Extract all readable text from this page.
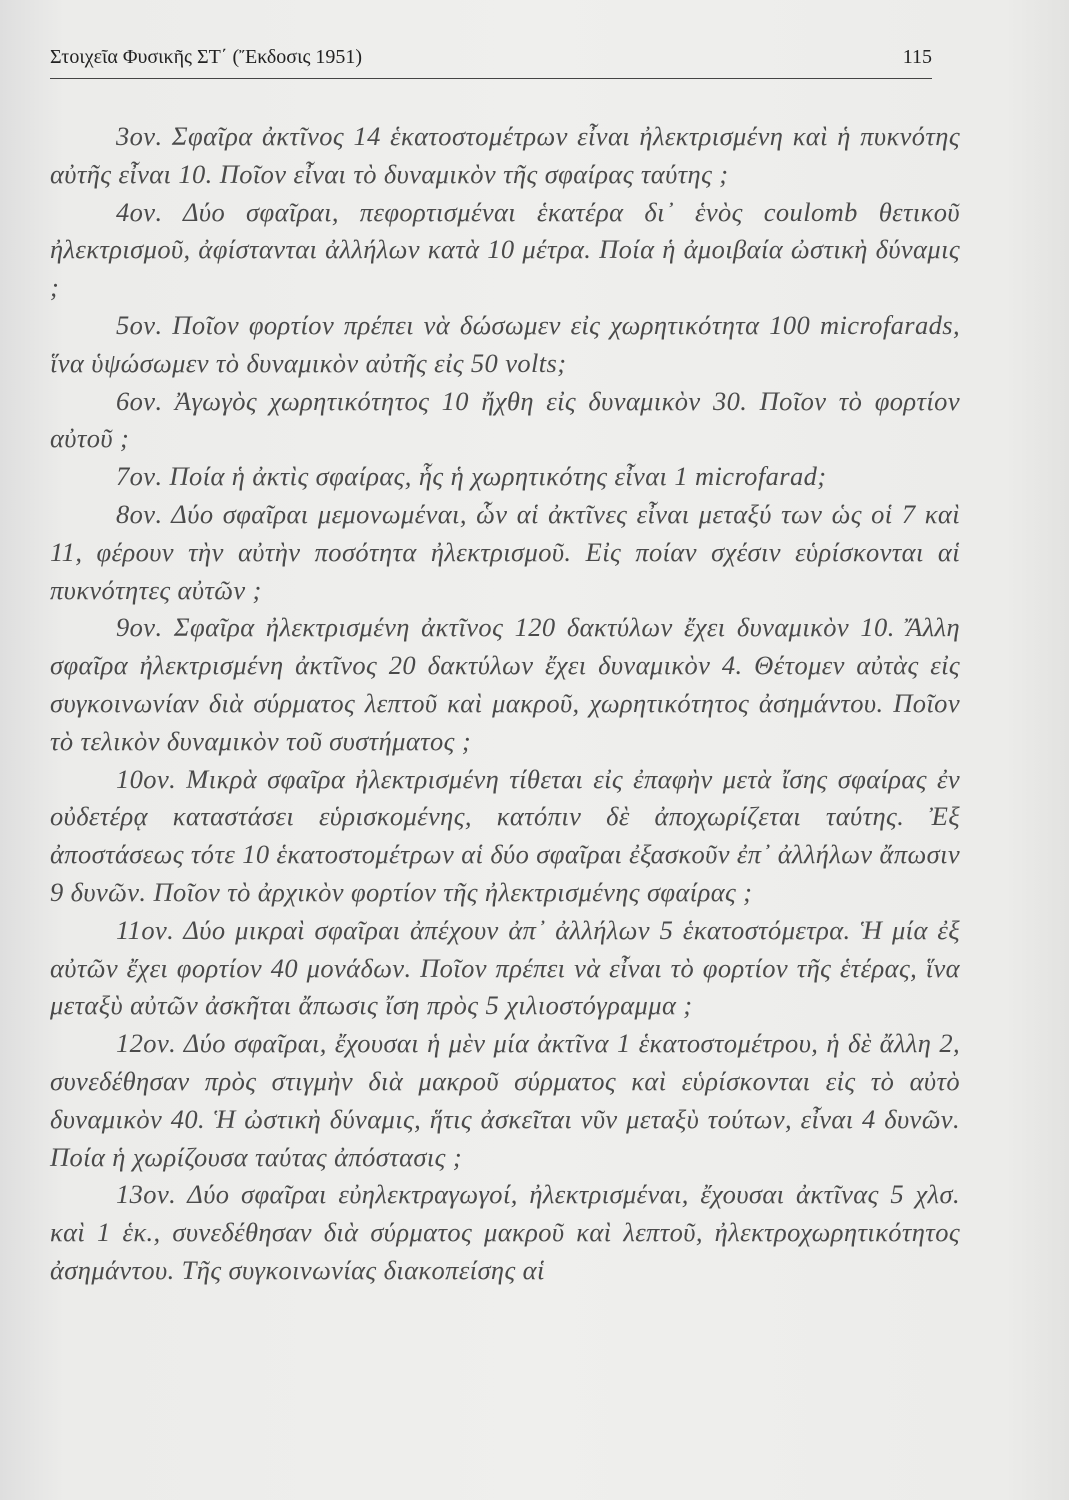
Στοιχεῖα Φυσικῆς ΣΤ΄ (Ἔκδοσις 1951)	115

3ον. Σφαῖρα ἀκτῖνος 14 ἑκατοστομέτρων εἶναι ἠλεκτρισμένη καὶ ἡ πυκνότης αὐτῆς εἶναι 10. Ποῖον εἶναι τὸ δυναμικὸν τῆς σφαίρας ταύτης ;

4ον. Δύο σφαῖραι, πεφορτισμέναι ἑκατέρα δι᾽ ἑνὸς coulomb θετικοῦ ἠλεκτρισμοῦ, ἀφίστανται ἀλλήλων κατὰ 10 μέτρα. Ποία ἡ ἀμοιβαία ὠστικὴ δύναμις ;

5ον. Ποῖον φορτίον πρέπει νὰ δώσωμεν εἰς χωρητικότητα 100 microfarads, ἵνα ὑψώσωμεν τὸ δυναμικὸν αὐτῆς εἰς 50 volts;

6ον. Ἀγωγὸς χωρητικότητος 10 ἤχθη εἰς δυναμικὸν 30. Ποῖον τὸ φορτίον αὐτοῦ ;

7ον. Ποία ἡ ἀκτὶς σφαίρας, ἧς ἡ χωρητικότης εἶναι 1 microfarad;

8ον. Δύο σφαῖραι μεμονωμέναι, ὧν αἱ ἀκτῖνες εἶναι μεταξύ των ὡς οἱ 7 καὶ 11, φέρουν τὴν αὐτὴν ποσότητα ἠλεκτρισμοῦ. Εἰς ποίαν σχέσιν εὑρίσκονται αἱ πυκνότητες αὐτῶν ;

9ον. Σφαῖρα ἠλεκτρισμένη ἀκτῖνος 120 δακτύλων ἔχει δυναμικὸν 10. Ἄλλη σφαῖρα ἠλεκτρισμένη ἀκτῖνος 20 δακτύλων ἔχει δυναμικὸν 4. Θέτομεν αὐτὰς εἰς συγκοινωνίαν διὰ σύρματος λεπτοῦ καὶ μακροῦ, χωρητικότητος ἀσημάντου. Ποῖον τὸ τελικὸν δυναμικὸν τοῦ συστήματος ;

10ον. Μικρὰ σφαῖρα ἠλεκτρισμένη τίθεται εἰς ἐπαφὴν μετὰ ἴσης σφαίρας ἐν οὐδετέρᾳ καταστάσει εὑρισκομένης, κατόπιν δὲ ἀποχωρίζεται ταύτης. Ἐξ ἀποστάσεως τότε 10 ἑκατοστομέτρων αἱ δύο σφαῖραι ἐξασκοῦν ἐπ᾽ ἀλλήλων ἄπωσιν 9 δυνῶν. Ποῖον τὸ ἀρχικὸν φορτίον τῆς ἠλεκτρισμένης σφαίρας ;

11ον. Δύο μικραὶ σφαῖραι ἀπέχουν ἀπ᾽ ἀλλήλων 5 ἑκατοστόμετρα. Ἡ μία ἐξ αὐτῶν ἔχει φορτίον 40 μονάδων. Ποῖον πρέπει νὰ εἶναι τὸ φορτίον τῆς ἑτέρας, ἵνα μεταξὺ αὐτῶν ἀσκῆται ἄπωσις ἴση πρὸς 5 χιλιοστόγραμμα ;

12ον. Δύο σφαῖραι, ἔχουσαι ἡ μὲν μία ἀκτῖνα 1 ἑκατοστομέτρου, ἡ δὲ ἄλλη 2, συνεδέθησαν πρὸς στιγμὴν διὰ μακροῦ σύρματος καὶ εὑρίσκονται εἰς τὸ αὐτὸ δυναμικὸν 40. Ἡ ὠστικὴ δύναμις, ἥτις ἀσκεῖται νῦν μεταξὺ τούτων, εἶναι 4 δυνῶν. Ποία ἡ χωρίζουσα ταύτας ἀπόστασις ;

13ον. Δύο σφαῖραι εὐηλεκτραγωγοί, ἠλεκτρισμέναι, ἔχουσαι ἀκτῖνας 5 χλσ. καὶ 1 ἑκ., συνεδέθησαν διὰ σύρματος μακροῦ καὶ λεπτοῦ, ἠλεκτροχωρητικότητος ἀσημάντου. Τῆς συγκοινωνίας διακοπείσης αἱ
